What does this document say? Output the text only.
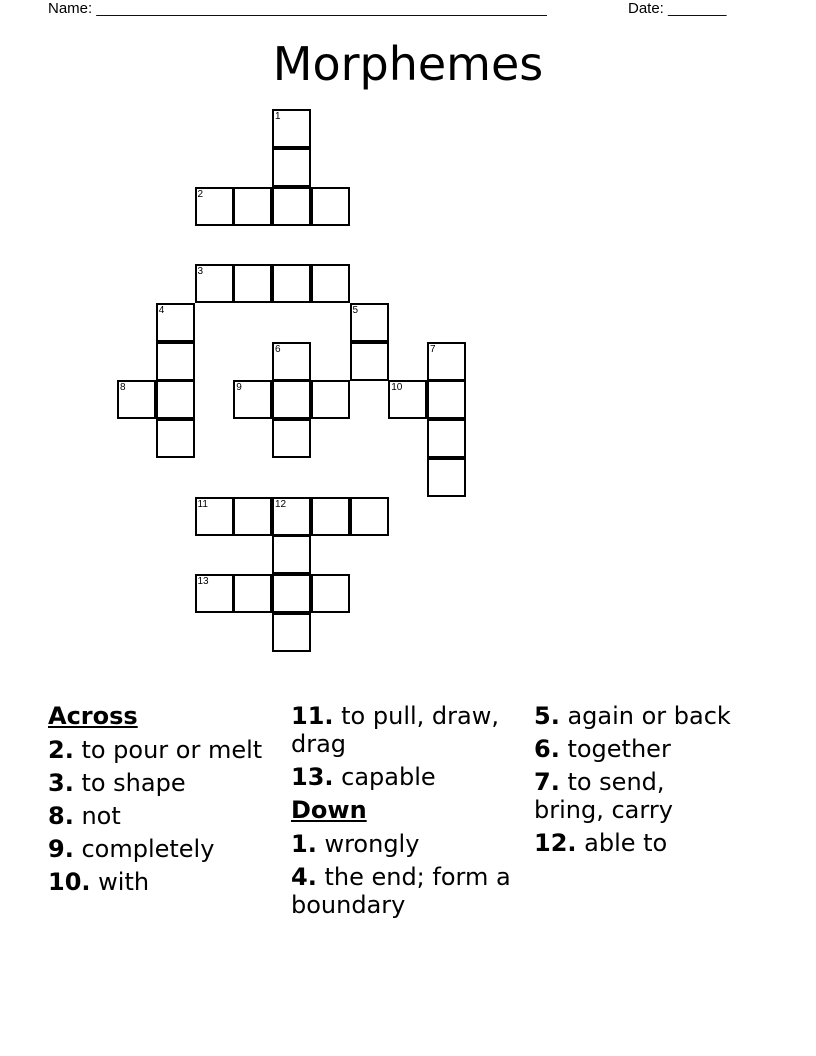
Name: ______________________________________________________	Date: _______
Morphemes
1
2
3
4	5
6	7
8	9	10
11	12
13
Across
2. to pour or melt
3. to shape
8. not
9. completely
10. with
11. to pull, draw, drag
13. capable
Down
1. wrongly
4. the end; form a boundary
5. again or back
6. together
7. to send, bring, carry
12. able to
